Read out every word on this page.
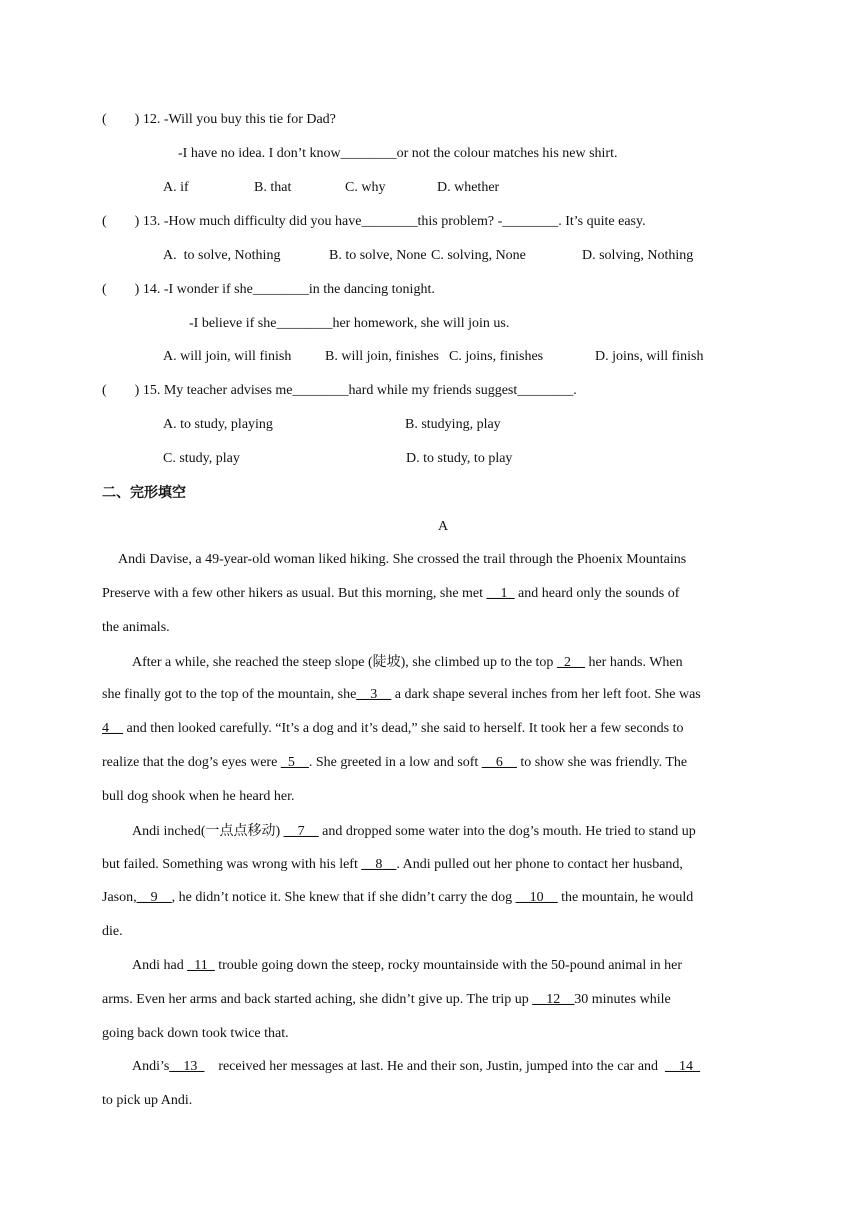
(        ) 12. -Will you buy this tie for Dad?
-I have no idea. I don’t know________or not the colour matches his new shirt.
A. if	B. that	C. why	D. whether
(        ) 13. -How much difficulty did you have________this problem? -________. It’s quite easy.
A.  to solve, Nothing	B. to solve, None C. solving, None	D. solving, Nothing
(        ) 14. -I wonder if she________in the dancing tonight.
-I believe if she________her homework, she will join us.
A. will join, will finish B. will join, finishes C. joins, finishes	D. joins, will finish
(        ) 15. My teacher advises me________hard while my friends suggest________.
A. to study, playing	B. studying, play
C. study, play	D. to study, to play
二、完形填空
A
Andi Davise, a 49-year-old woman liked hiking. She crossed the trail through the Phoenix Mountains
Preserve with a few other hikers as usual. But this morning, she met __1_ and heard only the sounds of
the animals.
After a while, she reached the steep slope (陡坡), she climbed up to the top _2__ her hands. When
she finally got to the top of the mountain, she__3__ a dark shape several inches from her left foot. She was
4__ and then looked carefully. “It’s a dog and it’s dead,” she said to herself. It took her a few seconds to
realize that the dog’s eyes were _5__. She greeted in a low and soft __6__ to show she was friendly. The
bull dog shook when he heard her.
Andi inched(一点点移动) __7__ and dropped some water into the dog’s mouth. He tried to stand up
but failed. Something was wrong with his left __8__. Andi pulled out her phone to contact her husband,
Jason,__9__, he didn’t notice it. She knew that if she didn’t carry the dog __10__ the mountain, he would
die.
Andi had _11_ trouble going down the steep, rocky mountainside with the 50-pound animal in her
arms. Even her arms and back started aching, she didn’t give up. The trip up __12__30 minutes while
going back down took twice that.
Andi’s__13_    received her messages at last. He and their son, Justin, jumped into the car and  __14_
to pick up Andi.
